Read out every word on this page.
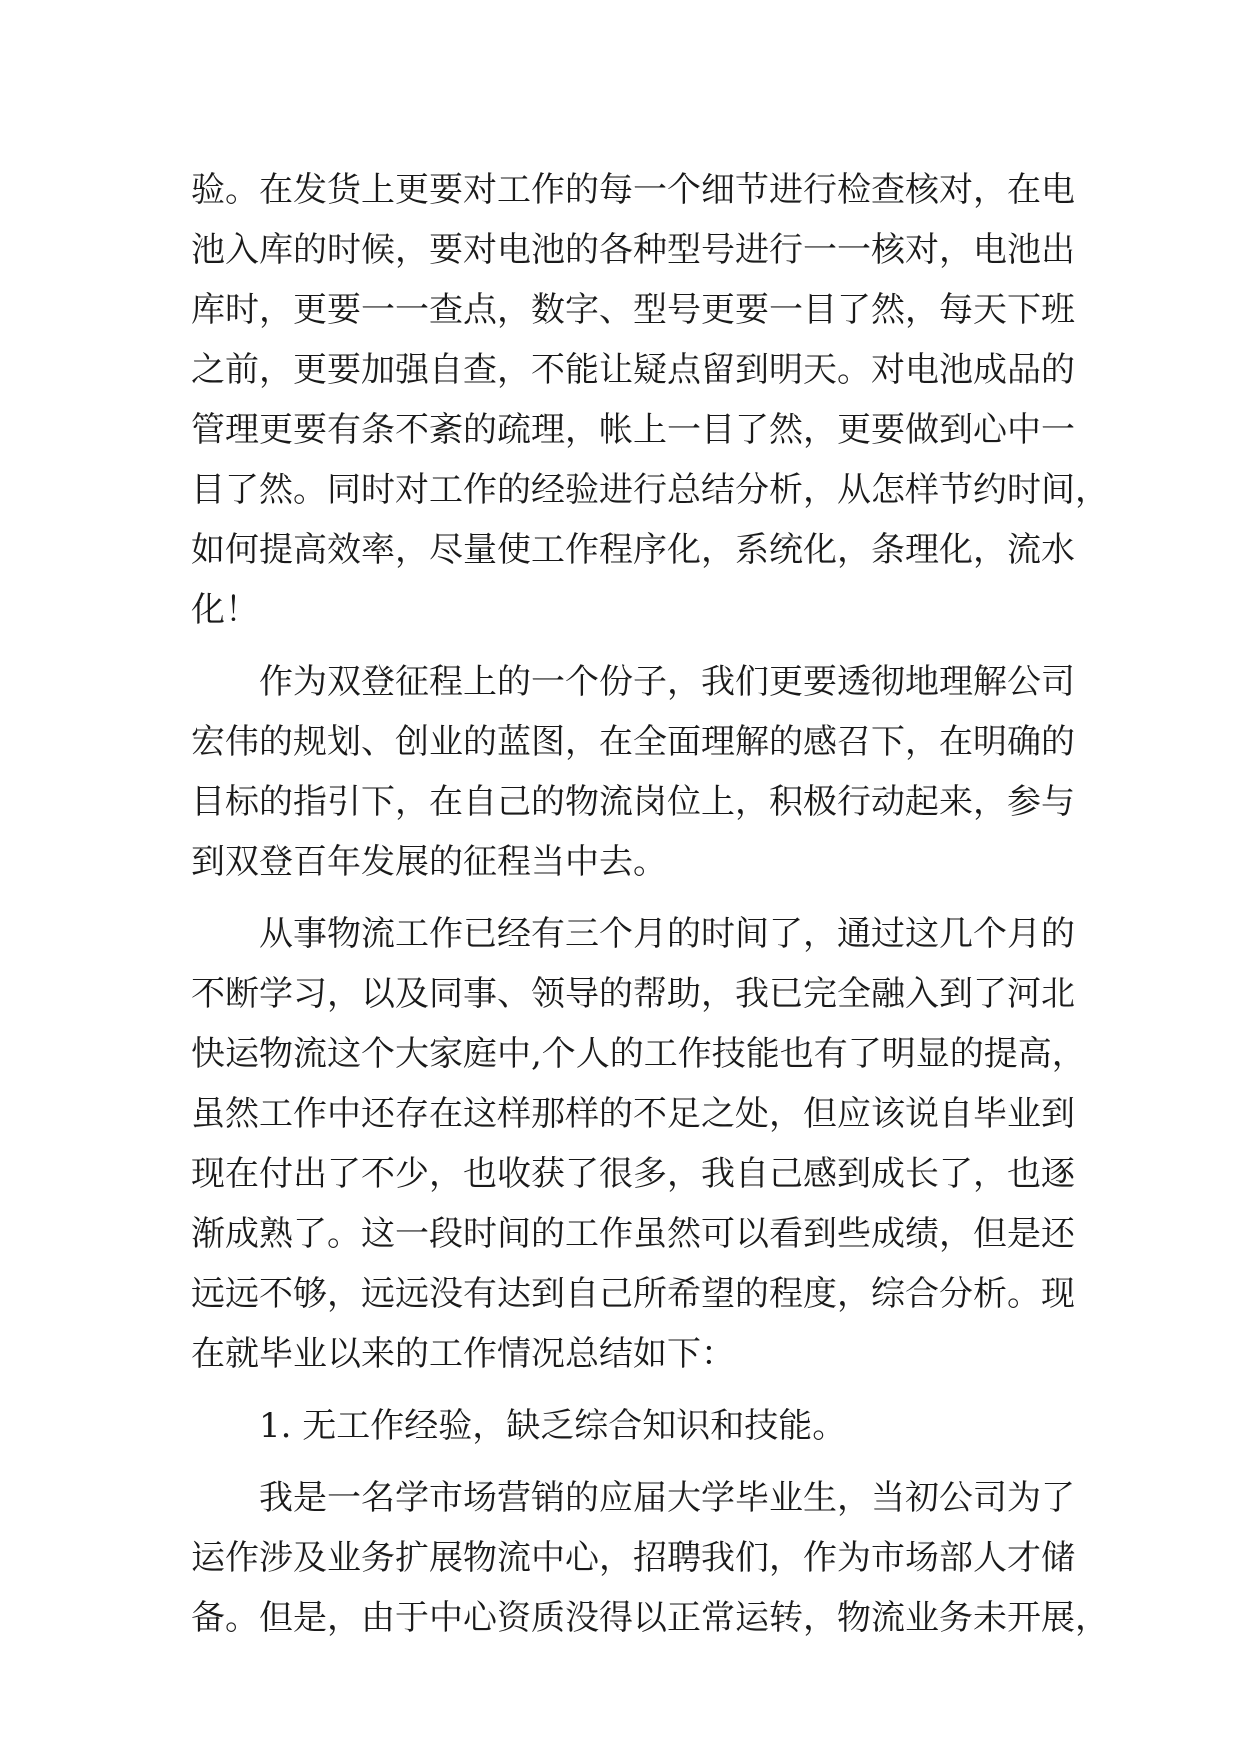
验。在发货上更要对工作的每一个细节进行检查核对，在电
池入库的时候，要对电池的各种型号进行一一核对，电池出
库时，更要一一查点，数字、型号更要一目了然，每天下班
之前，更要加强自查，不能让疑点留到明天。对电池成品的
管理更要有条不紊的疏理，帐上一目了然，更要做到心中一
目了然。同时对工作的经验进行总结分析，从怎样节约时间，
如何提高效率，尽量使工作程序化，系统化，条理化，流水
化！
作为双登征程上的一个份子，我们更要透彻地理解公司
宏伟的规划、创业的蓝图，在全面理解的感召下，在明确的
目标的指引下，在自己的物流岗位上，积极行动起来，参与
到双登百年发展的征程当中去。
从事物流工作已经有三个月的时间了，通过这几个月的
不断学习，以及同事、领导的帮助，我已完全融入到了河北
快运物流这个大家庭中,个人的工作技能也有了明显的提高，
虽然工作中还存在这样那样的不足之处，但应该说自毕业到
现在付出了不少，也收获了很多，我自己感到成长了，也逐
渐成熟了。这一段时间的工作虽然可以看到些成绩，但是还
远远不够，远远没有达到自己所希望的程度，综合分析。现
在就毕业以来的工作情况总结如下：
1. 无工作经验，缺乏综合知识和技能。
我是一名学市场营销的应届大学毕业生，当初公司为了
运作涉及业务扩展物流中心，招聘我们，作为市场部人才储
备。但是，由于中心资质没得以正常运转，物流业务未开展，
